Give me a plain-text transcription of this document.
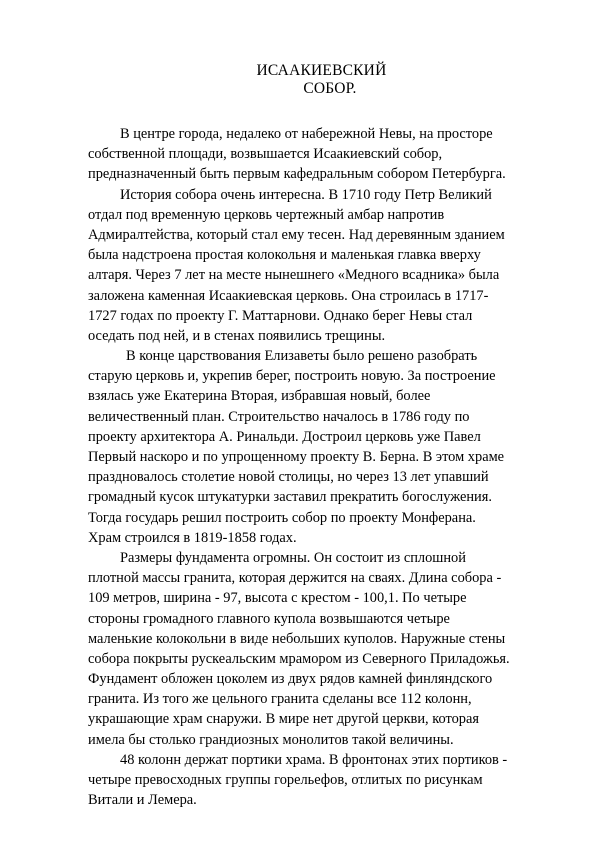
ИСААКИЕВСКИЙ
СОБОР.
В центре города, недалеко от набережной Невы, на просторе
собственной площади, возвышается Исаакиевский собор,
предназначенный быть первым кафедральным собором Петербурга.
История собора очень интересна. В 1710 году Петр Великий
отдал под временную церковь чертежный амбар напротив
Адмиралтейства, который стал ему тесен. Над деревянным зданием
была надстроена простая колокольня и маленькая главка вверху
алтаря. Через 7 лет на месте нынешнего «Медного всадника» была
заложена каменная Исаакиевская церковь. Она строилась в 1717-
1727 годах по проекту Г. Маттарнови. Однако берег Невы стал
оседать под ней, и в стенах появились трещины.
В конце царствования Елизаветы было решено разобрать
старую церковь и, укрепив берег, построить новую. За построение
взялась уже Екатерина Вторая, избравшая новый, более
величественный план. Строительство началось в 1786 году по
проекту архитектора А. Ринальди. Достроил церковь уже Павел
Первый наскоро и по упрощенному проекту В. Берна. В этом храме
праздновалось столетие новой столицы, но через 13 лет упавший
громадный кусок штукатурки заставил прекратить богослужения.
Тогда государь решил построить собор по проекту Монферана.
Храм строился в 1819-1858 годах.
Размеры фундамента огромны. Он состоит из сплошной
плотной массы гранита, которая держится на сваях. Длина собора -
109 метров, ширина - 97, высота с крестом - 100,1. По четыре
стороны громадного главного купола возвышаются четыре
маленькие колокольни в виде небольших куполов. Наружные стены
собора покрыты рускеальским мрамором из Северного Приладожья.
Фундамент обложен цоколем из двух рядов камней финляндского
гранита. Из того же цельного гранита сделаны все 112 колонн,
украшающие храм снаружи. В мире нет другой церкви, которая
имела бы столько грандиозных монолитов такой величины.
48 колонн держат портики храма. В фронтонах этих портиков -
четыре превосходных группы горельефов, отлитых по рисункам
Витали и Лемера.
